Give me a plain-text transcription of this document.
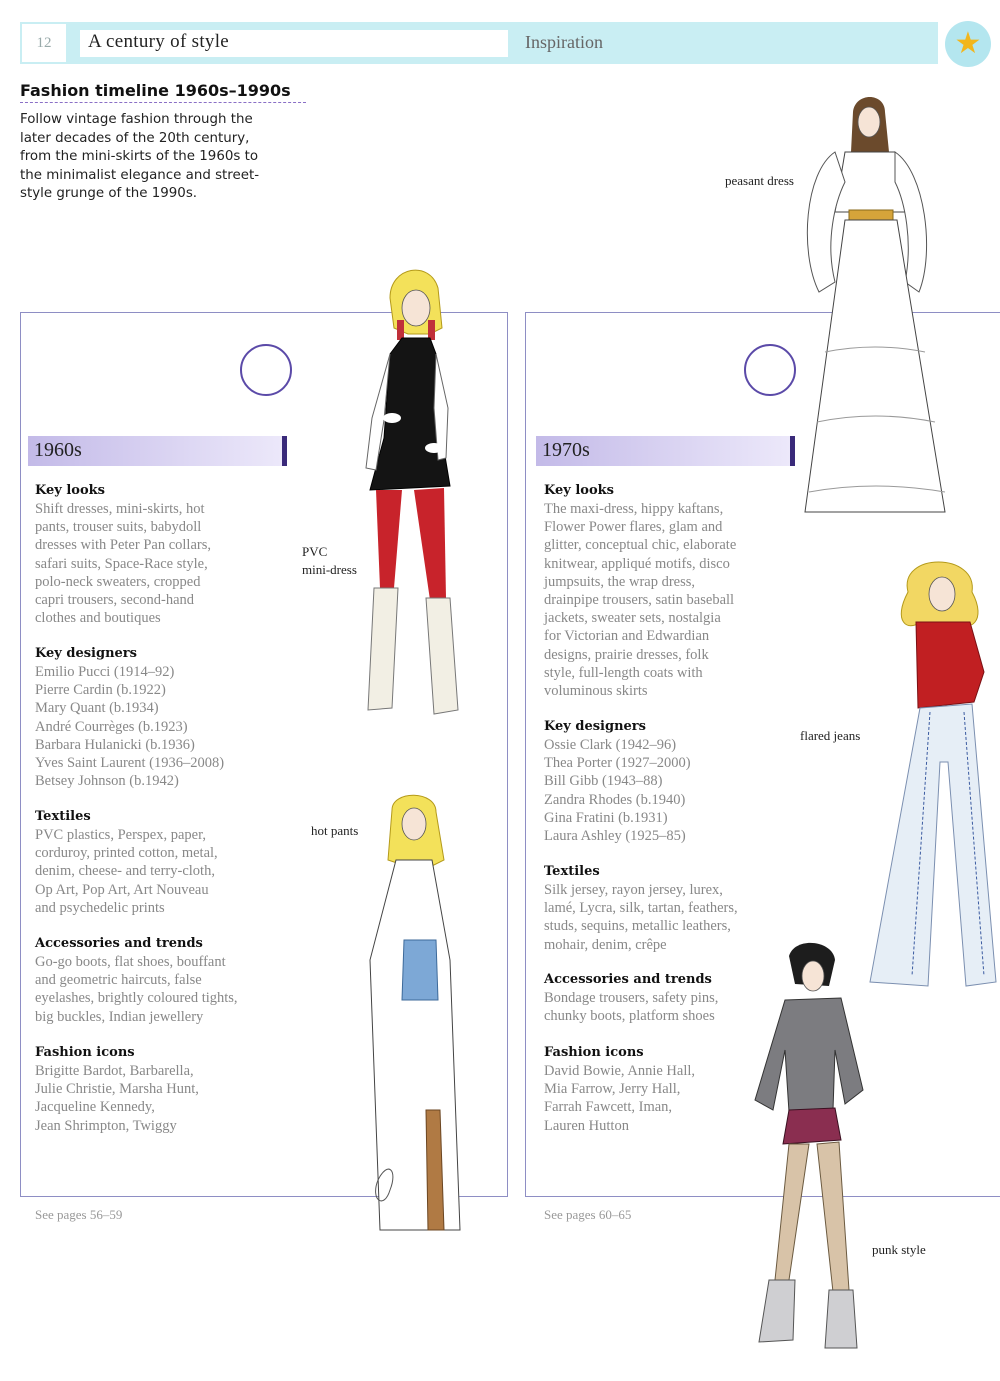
12	A century of style	Inspiration	★
Fashion timeline 1960s–1990s
Follow vintage fashion through the
later decades of the 20th century,
from the mini-skirts of the 1960s to
the minimalist elegance and street-
style grunge of the 1990s.
1960s
Key looks
Shift dresses, mini-skirts, hot
pants, trouser suits, babydoll
dresses with Peter Pan collars,
safari suits, Space-Race style,
polo-neck sweaters, cropped
capri trousers, second-hand
clothes and boutiques
Key designers
Emilio Pucci (1914–92)
Pierre Cardin (b.1922)
Mary Quant (b.1934)
André Courrèges (b.1923)
Barbara Hulanicki (b.1936)
Yves Saint Laurent (1936–2008)
Betsey Johnson (b.1942)
Textiles
PVC plastics, Perspex, paper,
corduroy, printed cotton, metal,
denim, cheese- and terry-cloth,
Op Art, Pop Art, Art Nouveau
and psychedelic prints
Accessories and trends
Go-go boots, flat shoes, bouffant
and geometric haircuts, false
eyelashes, brightly coloured tights,
big buckles, Indian jewellery
Fashion icons
Brigitte Bardot, Barbarella,
Julie Christie, Marsha Hunt,
Jacqueline Kennedy,
Jean Shrimpton, Twiggy
See pages 56–59
1970s
Key looks
The maxi-dress, hippy kaftans,
Flower Power flares, glam and
glitter, conceptual chic, elaborate
knitwear, appliqué motifs, disco
jumpsuits, the wrap dress,
drainpipe trousers, satin baseball
jackets, sweater sets, nostalgia
for Victorian and Edwardian
designs, prairie dresses, folk
style, full-length coats with
voluminous skirts
Key designers
Ossie Clark (1942–96)
Thea Porter (1927–2000)
Bill Gibb (1943–88)
Zandra Rhodes (b.1940)
Gina Fratini (b.1931)
Laura Ashley (1925–85)
Textiles
Silk jersey, rayon jersey, lurex,
lamé, Lycra, silk, tartan, feathers,
studs, sequins, metallic leathers,
mohair, denim, crêpe
Accessories and trends
Bondage trousers, safety pins,
chunky boots, platform shoes
Fashion icons
David Bowie, Annie Hall,
Mia Farrow, Jerry Hall,
Farrah Fawcett, Iman,
Lauren Hutton
See pages 60–65
PVC
mini-dress
hot pants
peasant dress
flared jeans
punk style
